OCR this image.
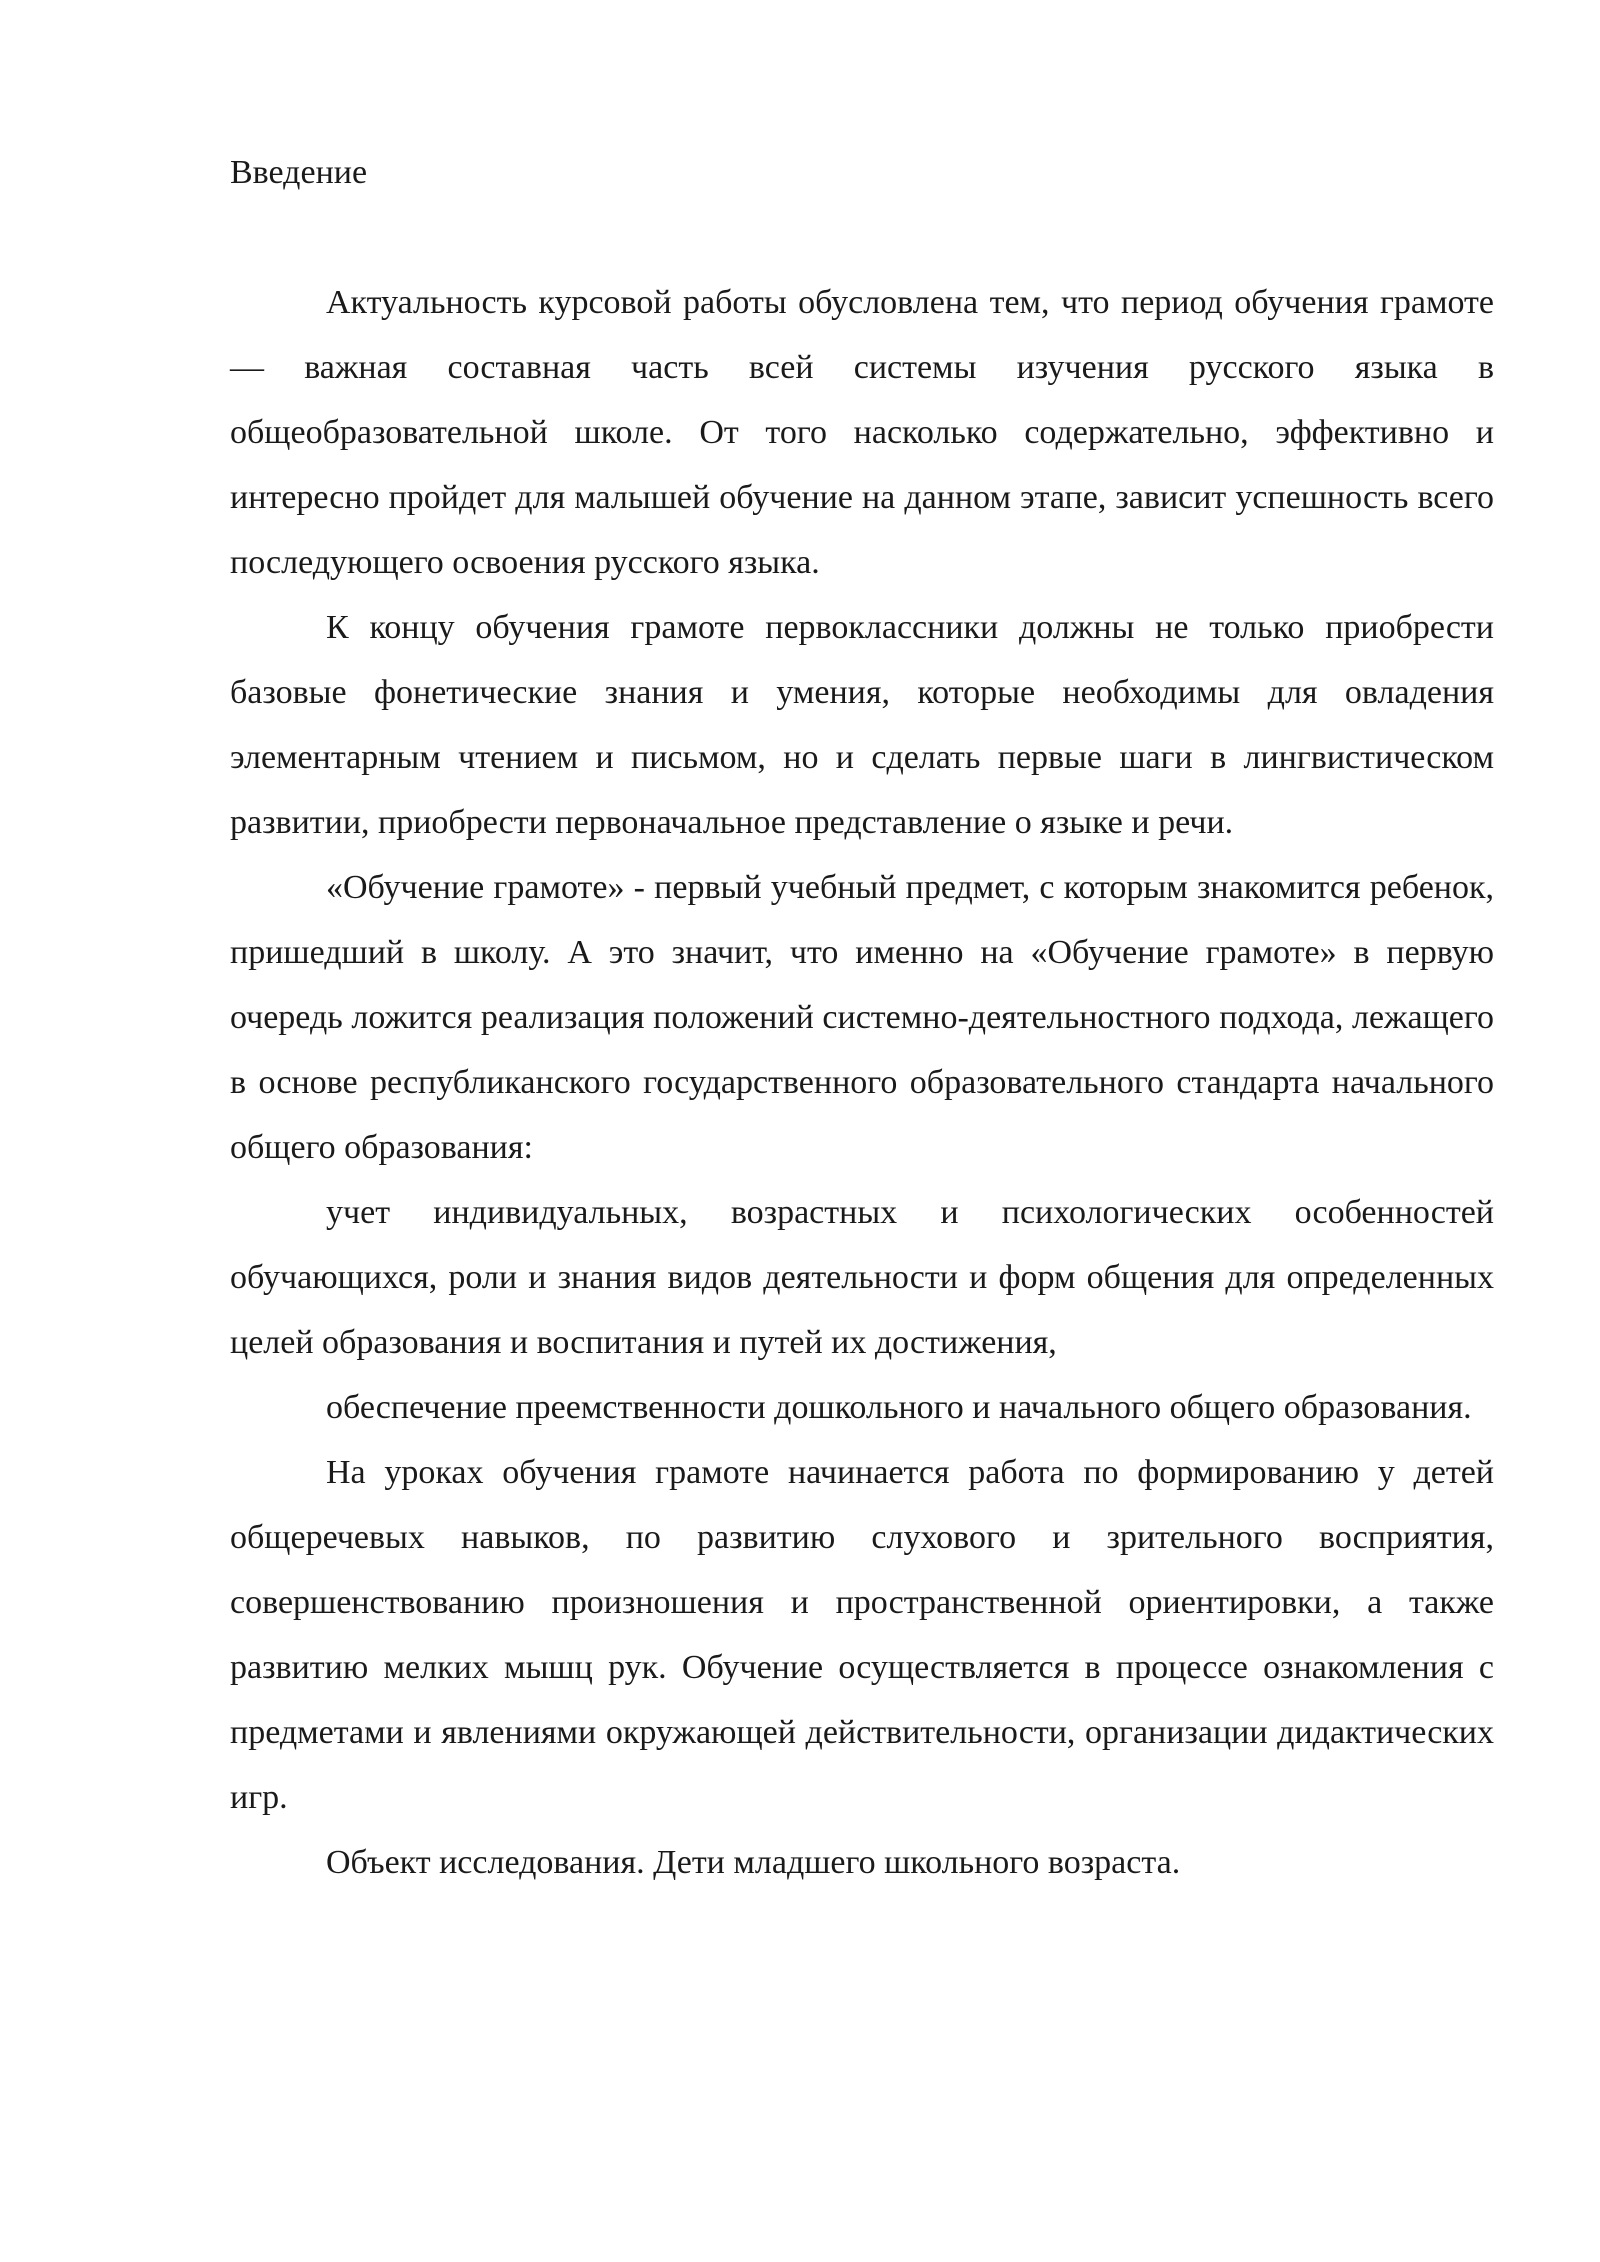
Введение

Актуальность курсовой работы обусловлена тем, что период обучения грамоте — важная составная часть всей системы изучения русского языка в общеобразовательной школе. От того насколько содержательно, эффективно и интересно пройдет для малышей обучение на данном этапе, зависит успешность всего последующего освоения русского языка.

К концу обучения грамоте первоклассники должны не только приобрести базовые фонетические знания и умения, которые необходимы для овладения элементарным чтением и письмом, но и сделать первые шаги в лингвистическом развитии, приобрести первоначальное представление о языке и речи.

«Обучение грамоте» - первый учебный предмет, с которым знакомится ребенок, пришедший в школу. А это значит, что именно на «Обучение грамоте» в первую очередь ложится реализация положений системно-деятельностного подхода, лежащего в основе республиканского государственного образовательного стандарта начального общего образования:

учет индивидуальных, возрастных и психологических особенностей обучающихся, роли и знания видов деятельности и форм общения для определенных целей образования и воспитания и путей их достижения,

обеспечение преемственности дошкольного и начального общего образования.

На уроках обучения грамоте начинается работа по формированию у детей общеречевых навыков, по развитию слухового и зрительного восприятия, совершенствованию произношения и пространственной ориентировки, а также развитию мелких мышц рук. Обучение осуществляется в процессе ознакомления с предметами и явлениями окружающей действительности, организации дидактических игр.

Объект исследования. Дети младшего школьного возраста.
